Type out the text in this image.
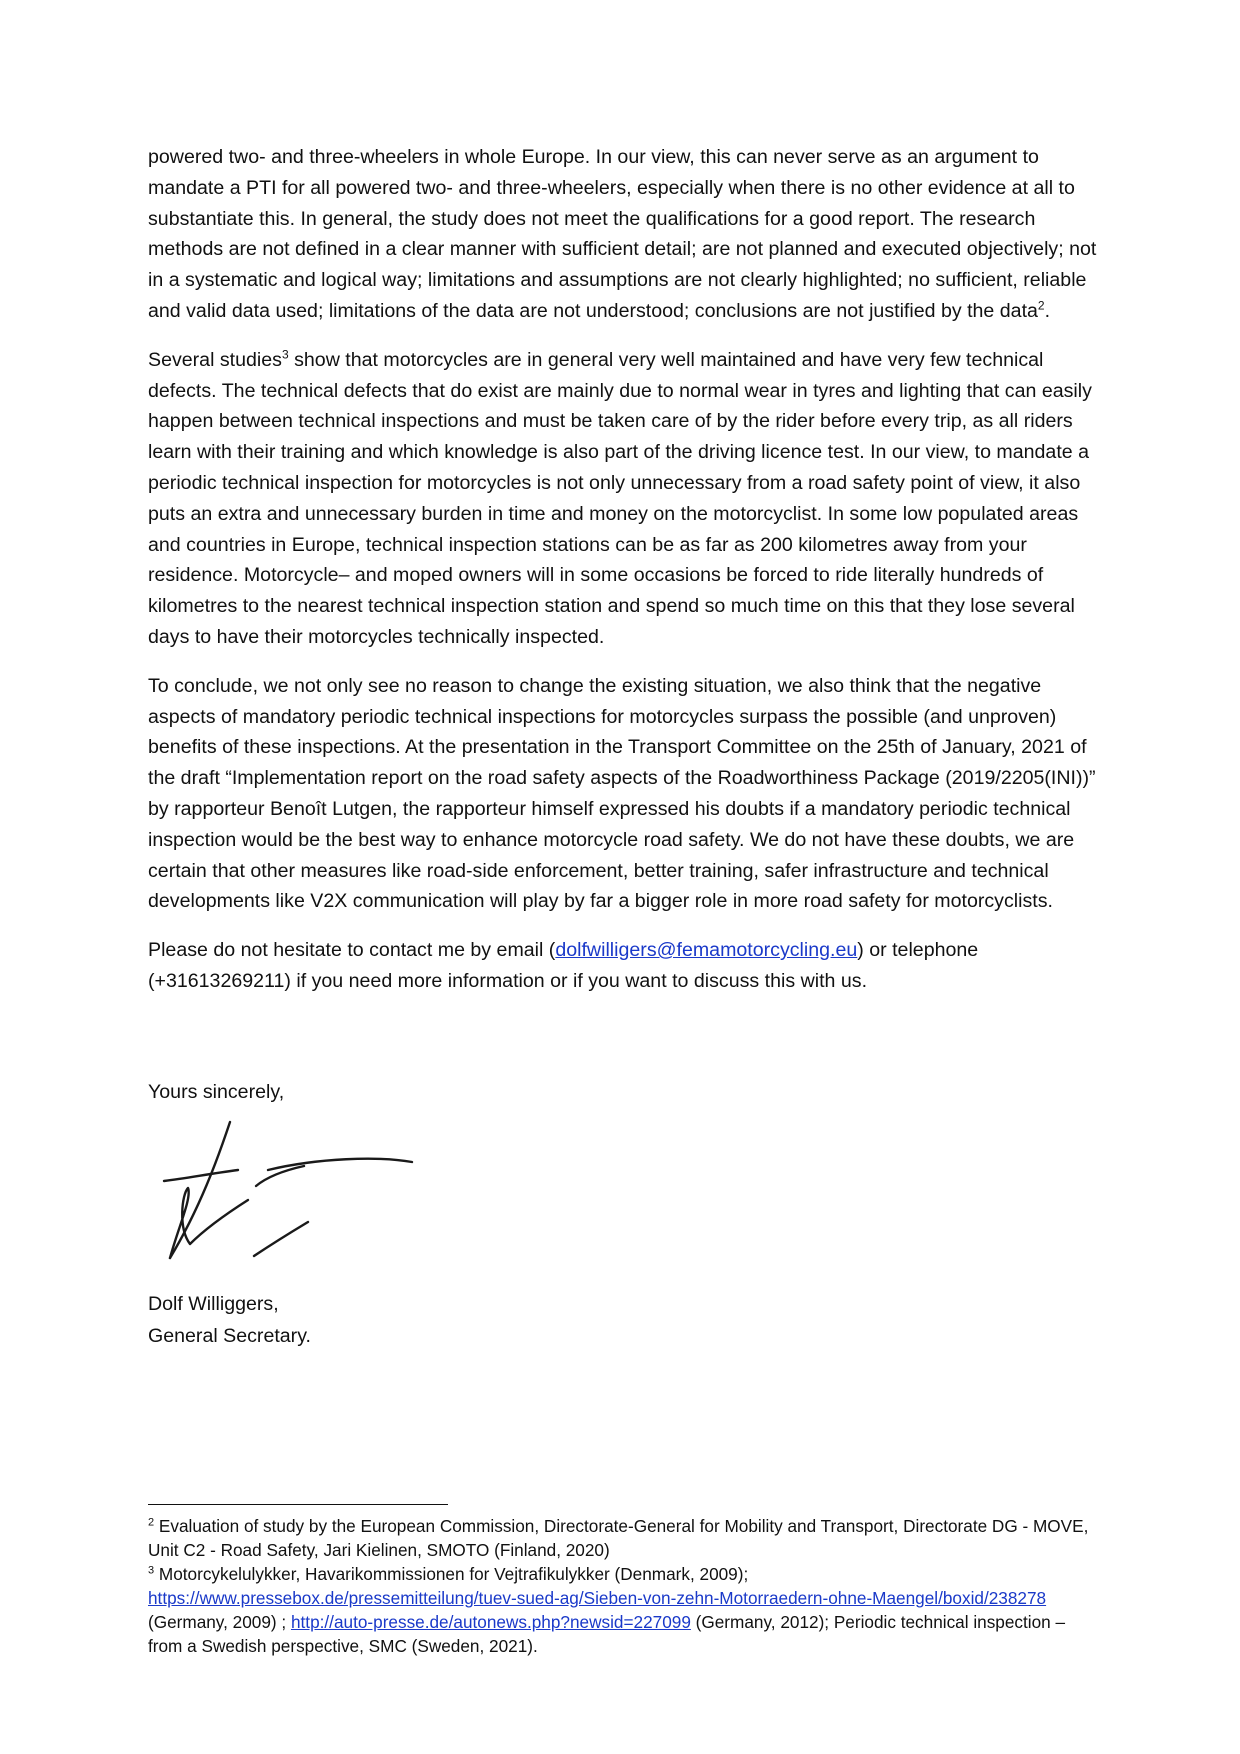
powered two- and three-wheelers in whole Europe. In our view, this can never serve as an argument to mandate a PTI for all powered two- and three-wheelers, especially when there is no other evidence at all to substantiate this. In general, the study does not meet the qualifications for a good report. The research methods are not defined in a clear manner with sufficient detail; are not planned and executed objectively; not in a systematic and logical way; limitations and assumptions are not clearly highlighted; no sufficient, reliable and valid data used; limitations of the data are not understood; conclusions are not justified by the data$^2$.

Several studies$^3$ show that motorcycles are in general very well maintained and have very few technical defects. The technical defects that do exist are mainly due to normal wear in tyres and lighting that can easily happen between technical inspections and must be taken care of by the rider before every trip, as all riders learn with their training and which knowledge is also part of the driving licence test. In our view, to mandate a periodic technical inspection for motorcycles is not only unnecessary from a road safety point of view, it also puts an extra and unnecessary burden in time and money on the motorcyclist. In some low populated areas and countries in Europe, technical inspection stations can be as far as 200 kilometres away from your residence. Motorcycle– and moped owners will in some occasions be forced to ride literally hundreds of kilometres to the nearest technical inspection station and spend so much time on this that they lose several days to have their motorcycles technically inspected.

To conclude, we not only see no reason to change the existing situation, we also think that the negative aspects of mandatory periodic technical inspections for motorcycles surpass the possible (and unproven) benefits of these inspections. At the presentation in the Transport Committee on the 25th of January, 2021 of the draft “Implementation report on the road safety aspects of the Roadworthiness Package (2019/2205(INI))” by rapporteur Benoît Lutgen, the rapporteur himself expressed his doubts if a mandatory periodic technical inspection would be the best way to enhance motorcycle road safety. We do not have these doubts, we are certain that other measures like road-side enforcement, better training, safer infrastructure and technical developments like V2X communication will play by far a bigger role in more road safety for motorcyclists.

Please do not hesitate to contact me by email (dolfwilligers@femamotorcycling.eu) or telephone (+31613269211) if you need more information or if you want to discuss this with us.

Yours sincerely,

Dolf Williggers,

General Secretary.

$^2$ Evaluation of study by the European Commission, Directorate-General for Mobility and Transport, Directorate DG - MOVE, Unit C2 - Road Safety, Jari Kielinen, SMOTO (Finland, 2020)

$^3$ Motorcykelulykker, Havarikommissionen for Vejtrafikulykker (Denmark, 2009);
https://www.pressebox.de/pressemitteilung/tuev-sued-ag/Sieben-von-zehn-Motorraedern-ohne-Maengel/boxid/238278 (Germany, 2009) ; http://auto-presse.de/autonews.php?newsid=227099 (Germany, 2012); Periodic technical inspection – from a Swedish perspective, SMC (Sweden, 2021).
